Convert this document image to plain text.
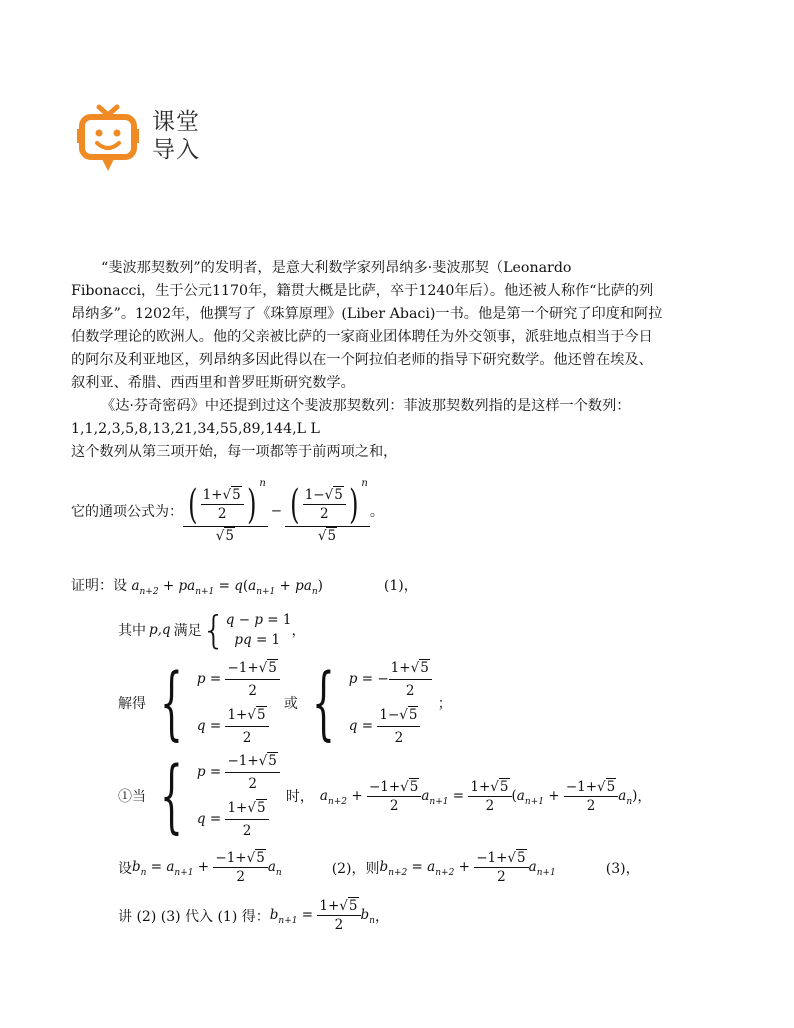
课堂
导入

“斐波那契数列”的发明者，是意大利数学家列昂纳多·斐波那契（Leonardo

Fibonacci，生于公元1170年，籍贯大概是比萨，卒于1240年后）。他还被人称作“比萨的列

昂纳多”。1202年，他撰写了《珠算原理》(Liber Abaci)一书。他是第一个研究了印度和阿拉

伯数学理论的欧洲人。他的父亲被比萨的一家商业团体聘任为外交领事，派驻地点相当于今日

的阿尔及利亚地区，列昂纳多因此得以在一个阿拉伯老师的指导下研究数学。他还曾在埃及、

叙利亚、希腊、西西里和普罗旺斯研究数学。

《达·芬奇密码》中还提到过这个斐波那契数列：菲波那契数列指的是这样一个数列：

1,1,2,3,5,8,13,21,34,55,89,144,L L

这个数列从第三项开始，每一项都等于前两项之和，

它的通项公式为： $\frac{( \frac{1+√5}{2} ) ^n}{√5} - \frac{( \frac{1-√5}{2} ) ^n}{√5}$ 。
证明：设 $a_{n+2} + pa_{n+1} = q(a_{n+1} + pa_n)$	(1)，
其中 p,q 满足 { q − p = 1
pq = 1
，
解得 { $p = \frac{-1+√5}{2}$
$q = \frac{1+√5}{2}$
或 { p = − $\frac{1+√5}{2}$
$q = \frac{1-√5}{2}$
；
①当 { $p = \frac{-1+√5}{2}$
$q = \frac{1+√5}{2}$
时， $a_{n+2} + \frac{-1+√5}{2} a_{n+1} = \frac{1+√5}{2} (a_{n+1} + \frac{-1+√5}{2} a_n)$ ，
设 $b_n = a_{n+1} + \frac{-1+√5}{2} a_n$	(2)，则 $b_{n+2} = a_{n+2} + \frac{-1+√5}{2} a_{n+1}$	(3)，
讲 (2) (3) 代入 (1) 得： $b_{n+1} = \frac{1+√5}{2} b_n$ ，
